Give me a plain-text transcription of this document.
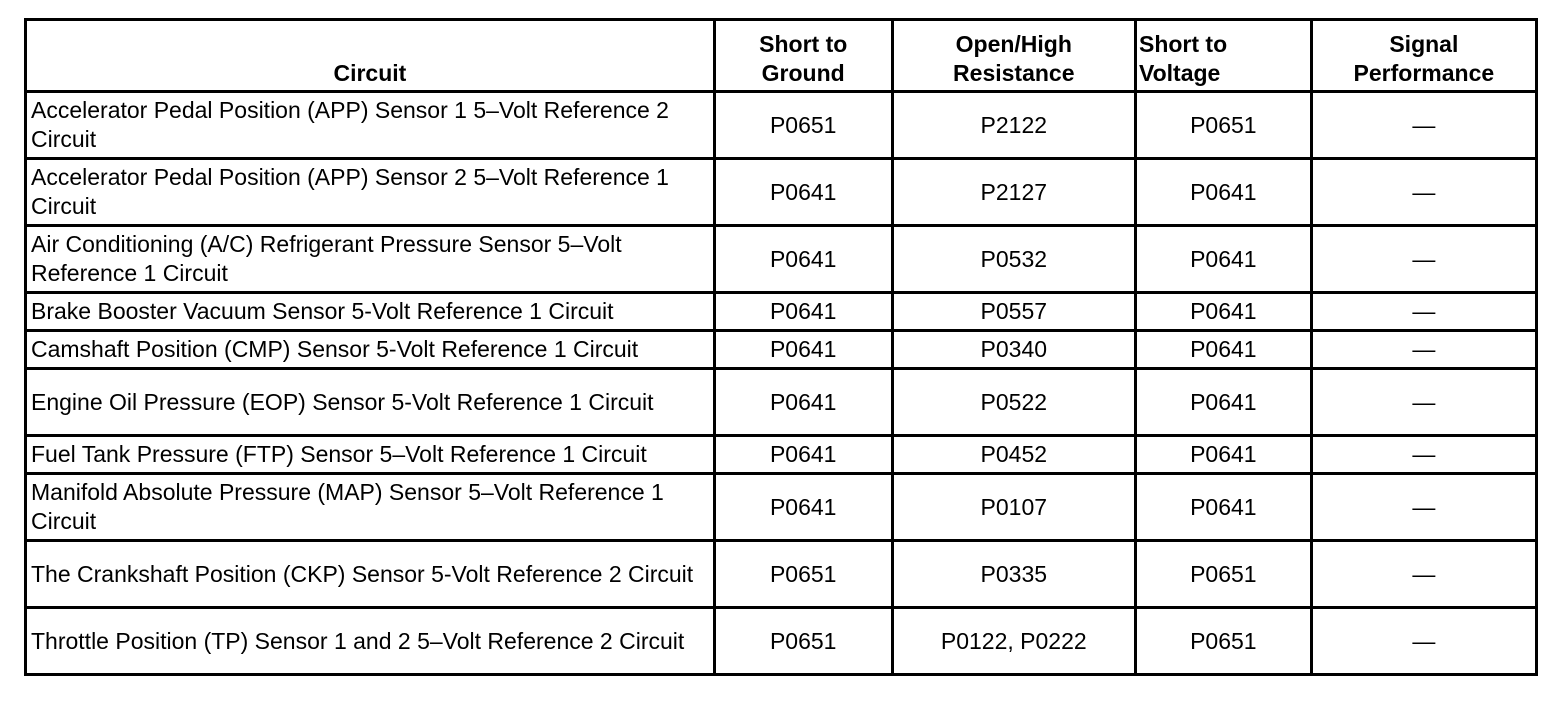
Circuit	Short to Ground	Open/High Resistance	Short to Voltage	Signal Performance
Accelerator Pedal Position (APP) Sensor 1 5–Volt Reference 2 Circuit	P0651	P2122	P0651	—
Accelerator Pedal Position (APP) Sensor 2 5–Volt Reference 1 Circuit	P0641	P2127	P0641	—
Air Conditioning (A/C) Refrigerant Pressure Sensor 5–Volt Reference 1 Circuit	P0641	P0532	P0641	—
Brake Booster Vacuum Sensor 5-Volt Reference 1 Circuit	P0641	P0557	P0641	—
Camshaft Position (CMP) Sensor 5-Volt Reference 1 Circuit	P0641	P0340	P0641	—
Engine Oil Pressure (EOP) Sensor 5-Volt Reference 1 Circuit	P0641	P0522	P0641	—
Fuel Tank Pressure (FTP) Sensor 5–Volt Reference 1 Circuit	P0641	P0452	P0641	—
Manifold Absolute Pressure (MAP) Sensor 5–Volt Reference 1 Circuit	P0641	P0107	P0641	—
The Crankshaft Position (CKP) Sensor 5-Volt Reference 2 Circuit	P0651	P0335	P0651	—
Throttle Position (TP) Sensor 1 and 2 5–Volt Reference 2 Circuit	P0651	P0122, P0222	P0651	—
